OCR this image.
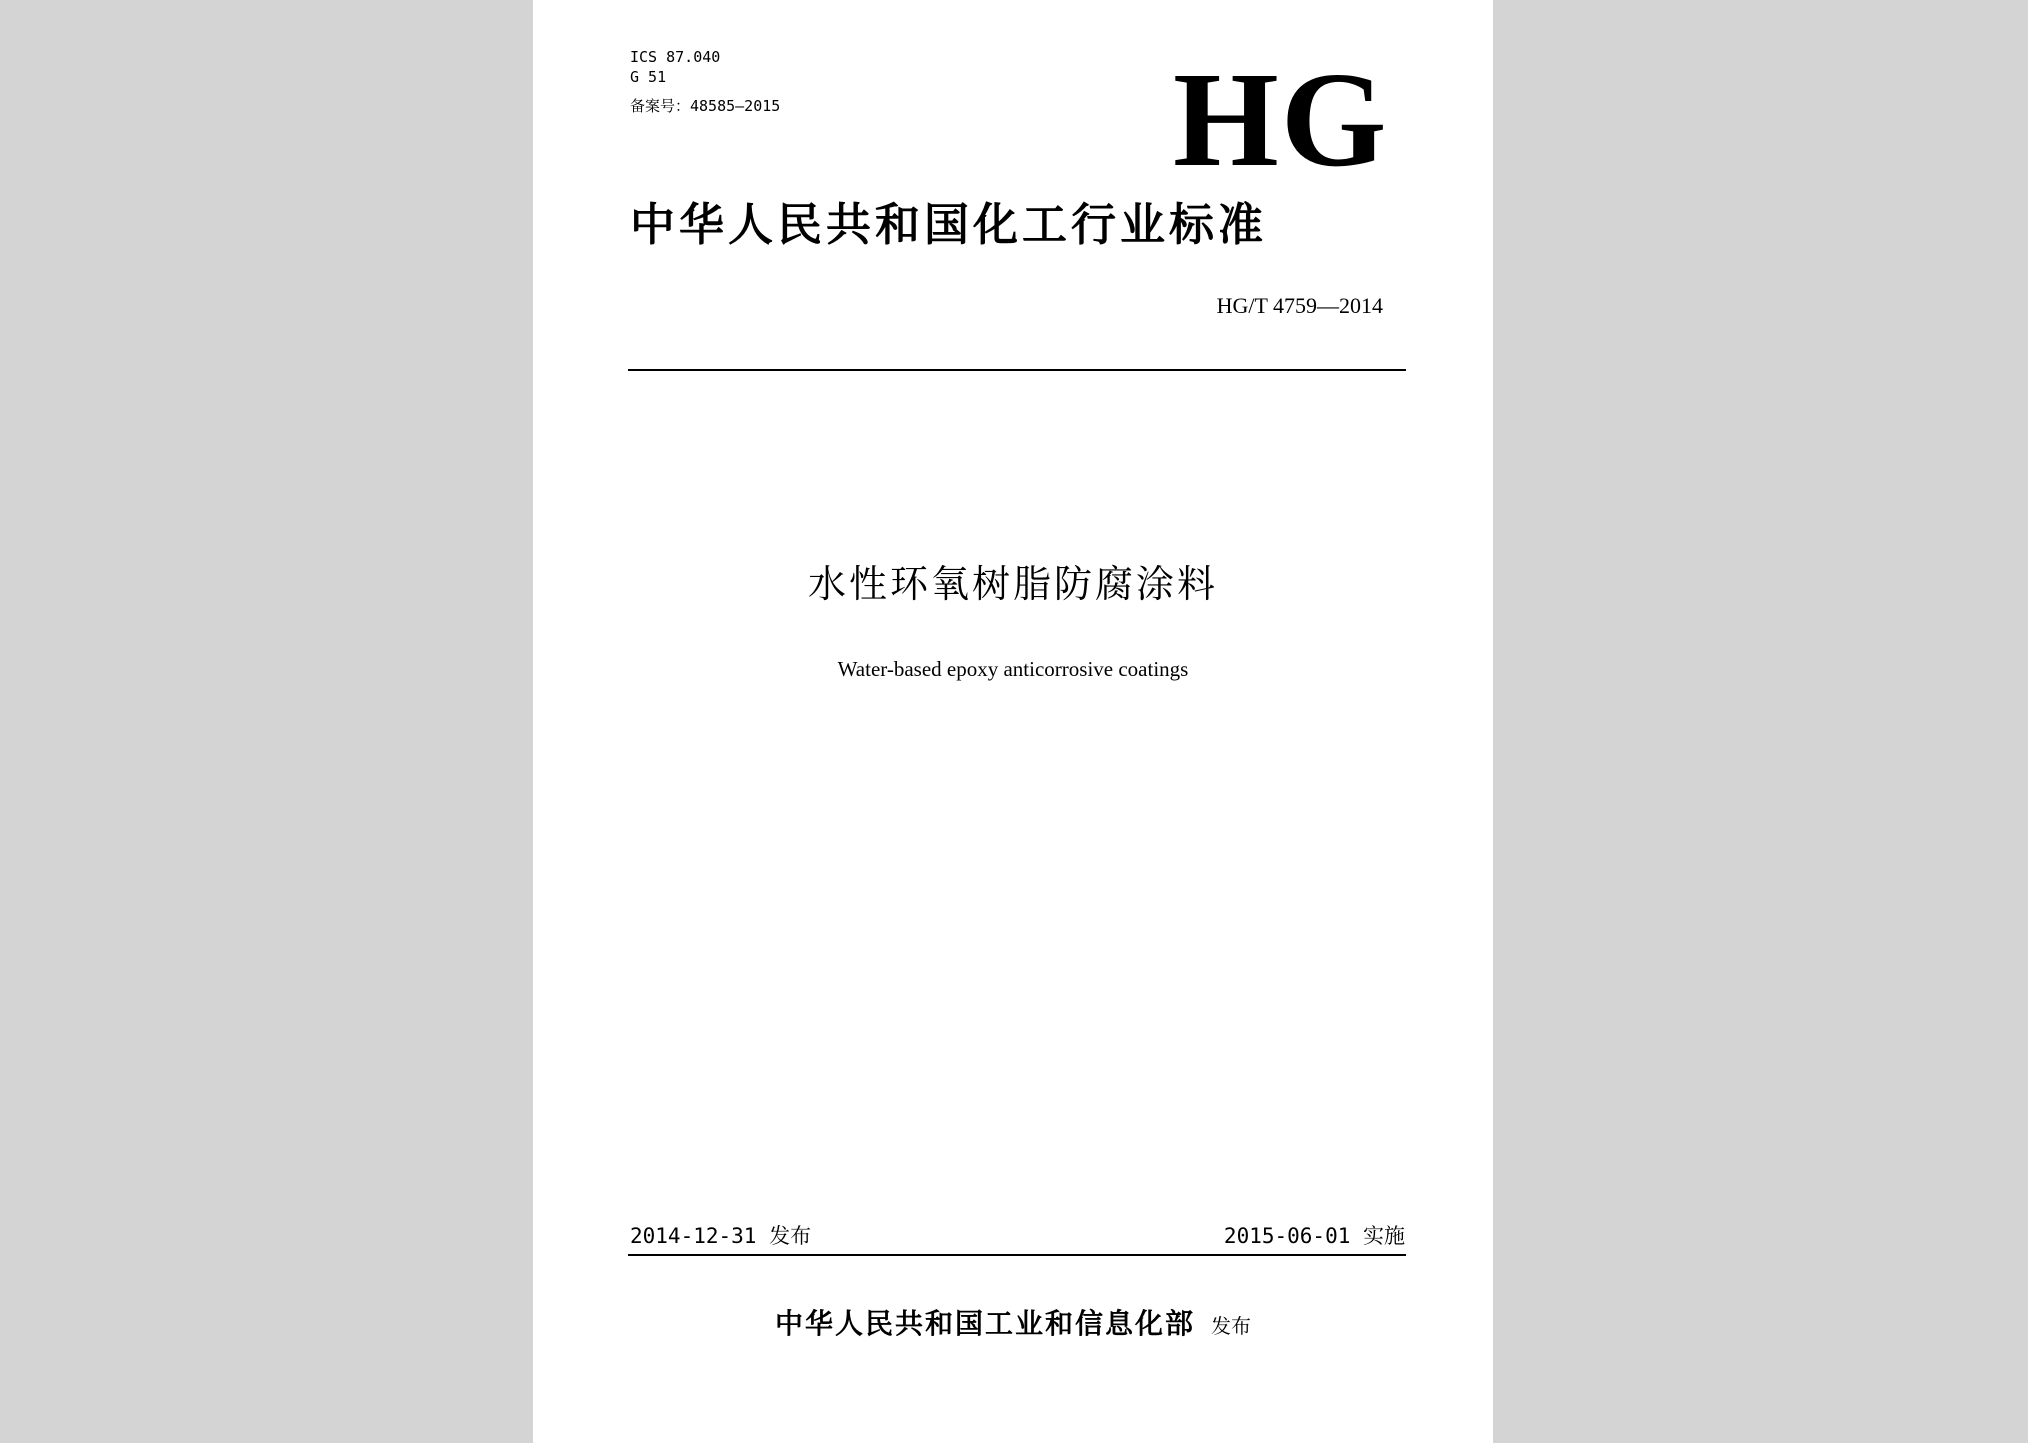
ICS 87.040
G 51
备案号：48585—2015	HG
中华人民共和国化工行业标准
HG/T 4759—2014
水性环氧树脂防腐涂料
Water-based epoxy anticorrosive coatings
2014-12-31 发布	2015-06-01 实施
中华人民共和国工业和信息化部 发布
